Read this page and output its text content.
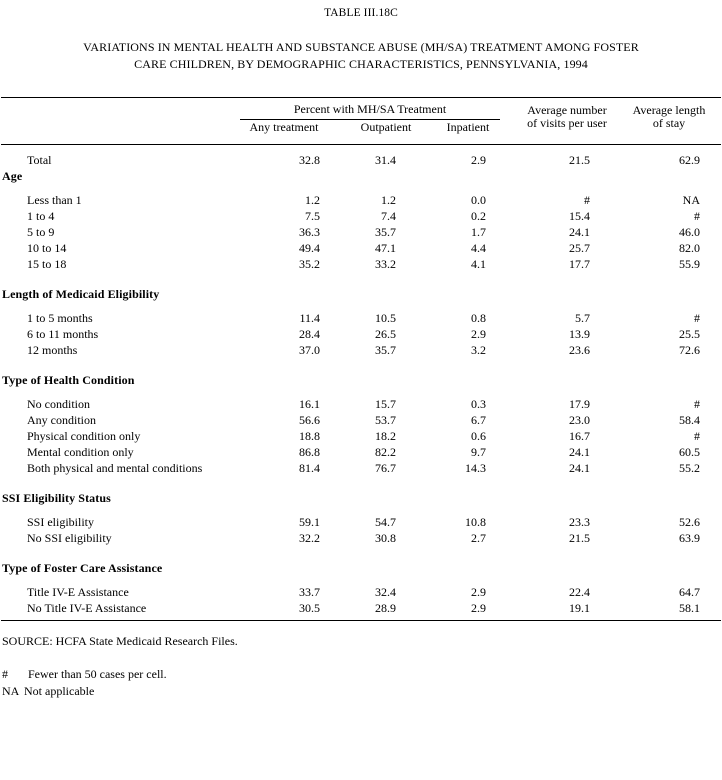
TABLE III.18C
VARIATIONS IN MENTAL HEALTH AND SUBSTANCE ABUSE (MH/SA) TREATMENT AMONG FOSTER
CARE CHILDREN, BY DEMOGRAPHIC CHARACTERISTICS, PENNSYLVANIA, 1994
Percent with MH/SA Treatment
Any treatment	Outpatient	Inpatient
Average number
of visits per user
Average length
of stay
Total	32.8	31.4	2.9	21.5	62.9
Age
Less than 1	1.2	1.2	0.0	#	NA
1 to 4	7.5	7.4	0.2	15.4	#
5 to 9	36.3	35.7	1.7	24.1	46.0
10 to 14	49.4	47.1	4.4	25.7	82.0
15 to 18	35.2	33.2	4.1	17.7	55.9
Length of Medicaid Eligibility
1 to 5 months	11.4	10.5	0.8	5.7	#
6 to 11 months	28.4	26.5	2.9	13.9	25.5
12 months	37.0	35.7	3.2	23.6	72.6
Type of Health Condition
No condition	16.1	15.7	0.3	17.9	#
Any condition	56.6	53.7	6.7	23.0	58.4
Physical condition only	18.8	18.2	0.6	16.7	#
Mental condition only	86.8	82.2	9.7	24.1	60.5
Both physical and mental conditions	81.4	76.7	14.3	24.1	55.2
SSI Eligibility Status
SSI eligibility	59.1	54.7	10.8	23.3	52.6
No SSI eligibility	32.2	30.8	2.7	21.5	63.9
Type of Foster Care Assistance
Title IV-E Assistance	33.7	32.4	2.9	22.4	64.7
No Title IV-E Assistance	30.5	28.9	2.9	19.1	58.1
SOURCE: HCFA State Medicaid Research Files.
# Fewer than 50 cases per cell.
NA Not applicable
